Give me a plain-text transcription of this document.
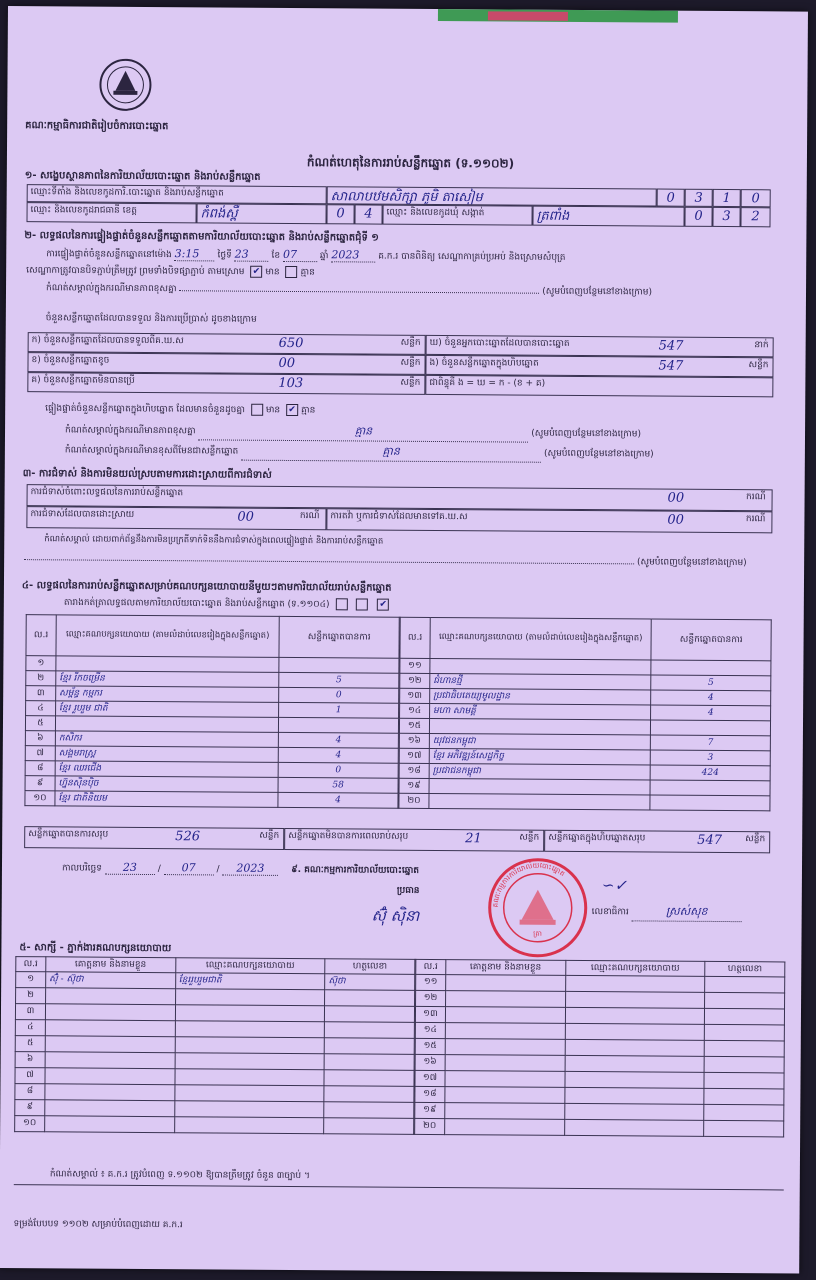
គណៈកម្មាធិការជាតិរៀបចំការបោះឆ្នោត
កំណត់ហេតុនៃការរាប់សន្លឹកឆ្នោត (ទ.១១០២)
១- សង្ខេបស្ថានភាពនៃការិយាល័យបោះឆ្នោត និងរាប់សន្លឹកឆ្នោត
ឈ្មោះទីតាំង និងលេខកូដការិ.បោះឆ្នោត និងរាប់សន្លឹកឆ្នោត	សាលាបឋមសិក្សា ភូមិ តាសៀម	0	3	1	0
ឈ្មោះ និងលេខកូដរាជធានី ខេត្ត	កំពង់ស្ពឺ	0	4	ឈ្មោះ និងលេខកូដឃុំ សង្កាត់	ត្រពាំង	0	3	2
២- លទ្ធផលនៃការផ្ទៀងផ្ទាត់ចំនួនសន្លឹកឆ្នោតតាមការិយាល័យបោះឆ្នោត និងរាប់សន្លឹកឆ្នោតជុំទី ១
ការផ្ទៀងផ្ទាត់ចំនួនសន្លឹកឆ្នោតនៅម៉ោង 3:15 ថ្ងៃទី 23	ខែ 07	ឆ្នាំ 2023 គ.ក.រ បានពិនិត្យ សេណ្ឋាកាគ្រប់ប្រអប់ និងស្រោមសំបុត្រ
សេណ្ឋាកាត្រូវបានបិទភ្ជាប់ត្រឹមត្រូវ ព្រមទាំងបិទផ្សាភ្ជាប់ តាមស្រោម ✔ មាន គ្មាន
កំណត់សម្គាល់ក្នុងករណីមានភាពខុសគ្នា	(សូមបំពេញបន្ថែមនៅខាងក្រោម)
ចំនួនសន្លឹកឆ្នោតដែលបានទទួល និងការប្រើប្រាស់ ដូចខាងក្រោម
ក) ចំនួនសន្លឹកឆ្នោតដែលបានទទួលពីគ.ឃ.ស	650	សន្លឹក
ខ) ចំនួនសន្លឹកឆ្នោតខូច	00	សន្លឹក
គ) ចំនួនសន្លឹកឆ្នោតមិនបានប្រើ	103	សន្លឹក
ឃ) ចំនួនអ្នកបោះឆ្នោតដែលបានបោះឆ្នោត	547	នាក់
ង) ចំនួនសន្លឹកឆ្នោតក្នុងហិបឆ្នោត	547	សន្លឹក
ជាពិន្ទុគឺ ង = ឃ = ក - (ខ + គ)
ផ្ទៀងផ្ទាត់ចំនួនសន្លឹកឆ្នោតក្នុងហិបឆ្នោត ដែលមានចំនួនដូចគ្នា មាន ✔ គ្មាន
កំណត់សម្គាល់ក្នុងករណីមានភាពខុសគ្នា	គ្មាន	(សូមបំពេញបន្ថែមនៅខាងក្រោម)
កំណត់សម្គាល់ក្នុងករណីមានខុសពីមែនជាសន្លឹកឆ្នោត	គ្មាន	(សូមបំពេញបន្ថែមនៅខាងក្រោម)
៣- ការជំទាស់ និងការមិនយល់ស្របតាមការដោះស្រាយពីការជំទាស់
ការជំទាស់ចំពោះលទ្ធផលនៃការរាប់សន្លឹកឆ្នោត	00	ករណី
ការជំទាស់ដែលបានដោះស្រាយ	00	ករណី	ការតវ៉ា ឬការជំទាស់ដែលមានទៅគ.ឃ.ស	00	ករណី
កំណត់សម្គាល់ ដោយពាក់ព័ន្ធនឹងការមិនប្រក្រតីទាក់ទិននឹងការជំទាស់ក្នុងពេលផ្ទៀងផ្ទាត់ និងការរាប់សន្លឹកឆ្នោត
(សូមបំពេញបន្ថែមនៅខាងក្រោម)
៤- លទ្ធផលនៃការរាប់សន្លឹកឆ្នោតសម្រាប់គណបក្សនយោបាយនីមួយៗតាមការិយាល័យរាប់សន្លឹកឆ្នោត
តារាងកត់ត្រាលទ្ធផលតាមការិយាល័យបោះឆ្នោត និងរាប់សន្លឹកឆ្នោត (ទ.១១០៤)	✔
ល.រ	ឈ្មោះគណបក្សនយោបាយ (តាមលំដាប់លេខរៀងក្នុងសន្លឹកឆ្នោត)	សន្លឹកឆ្នោតបានការ
១		
២	ខ្មែរ រីកចម្រើន	5
៣	សម្ព័ន្ធ កម្មករ	0
៤	ខ្មែរ រួបរួម ជាតិ	1
៥		
៦	កសិករ	4
៧	សង្គមរាស្ត្រ	4
៨	ខ្មែរ ឈរជើង	0
៩	ហ្វ៊ុនស៊ិនប៉ិច	58
១០	ខ្មែរ ជាតិនិយម	4
ល.រ	ឈ្មោះគណបក្សនយោបាយ (តាមលំដាប់លេខរៀងក្នុងសន្លឹកឆ្នោត)	សន្លឹកឆ្នោតបានការ
១១		
១២	ជំហានថ្មី	5
១៣	ប្រជាធិបតេយ្យមូលដ្ឋាន	4
១៤	មហា សាមគ្គី	4
១៥		
១៦	យុវជនកម្ពុជា	7
១៧	ខ្មែរ អភិវឌ្ឍន៍សេដ្ឋកិច្ច	3
១៨	ប្រជាជនកម្ពុជា	424
១៩		
២០		
សន្លឹកឆ្នោតបានការសរុប	526	សន្លឹក សន្លឹកឆ្នោតមិនបានការពេលរាប់សរុប	21	សន្លឹក សន្លឹកឆ្នោតក្នុងហិបឆ្នោតសរុប	547	សន្លឹក
កាលបរិច្ឆេទ 23 / 07 / 2023	៩. គណៈកម្មការការិយាល័យបោះឆ្នោត
ប្រធាន
ស៊ុំ ស៊ិនា
∽✓
លេខាធិការ	ស្រស់សុខ
គណៈកម្មការការិយាល័យបោះឆ្នោត
ត្រា
៥- សាក្សី - ភ្នាក់ងារគណបក្សនយោបាយ
ល.រ	គោត្តនាម និងនាមខ្លួន	ឈ្មោះគណបក្សនយោបាយ	ហត្ថលេខា
១	ស៊ុំ - ស៊ុថា	ខ្មែររួបរួមជាតិ	ស៊ុថា
២			
៣			
៤			
៥			
៦			
៧			
៨			
៩			
១០			
ល.រ	គោត្តនាម និងនាមខ្លួន	ឈ្មោះគណបក្សនយោបាយ	ហត្ថលេខា
១១			
១២			
១៣			
១៤			
១៥			
១៦			
១៧			
១៨			
១៩			
២០			
កំណត់សម្គាល់ ៖ គ.ក.រ ត្រូវបំពេញ ទ.១១០២ ឱ្យបានត្រឹមត្រូវ ចំនួន ៣ច្បាប់ ។
ទម្រង់បែបបទ ១១០២ សម្រាប់បំពេញដោយ គ.ក.រ
